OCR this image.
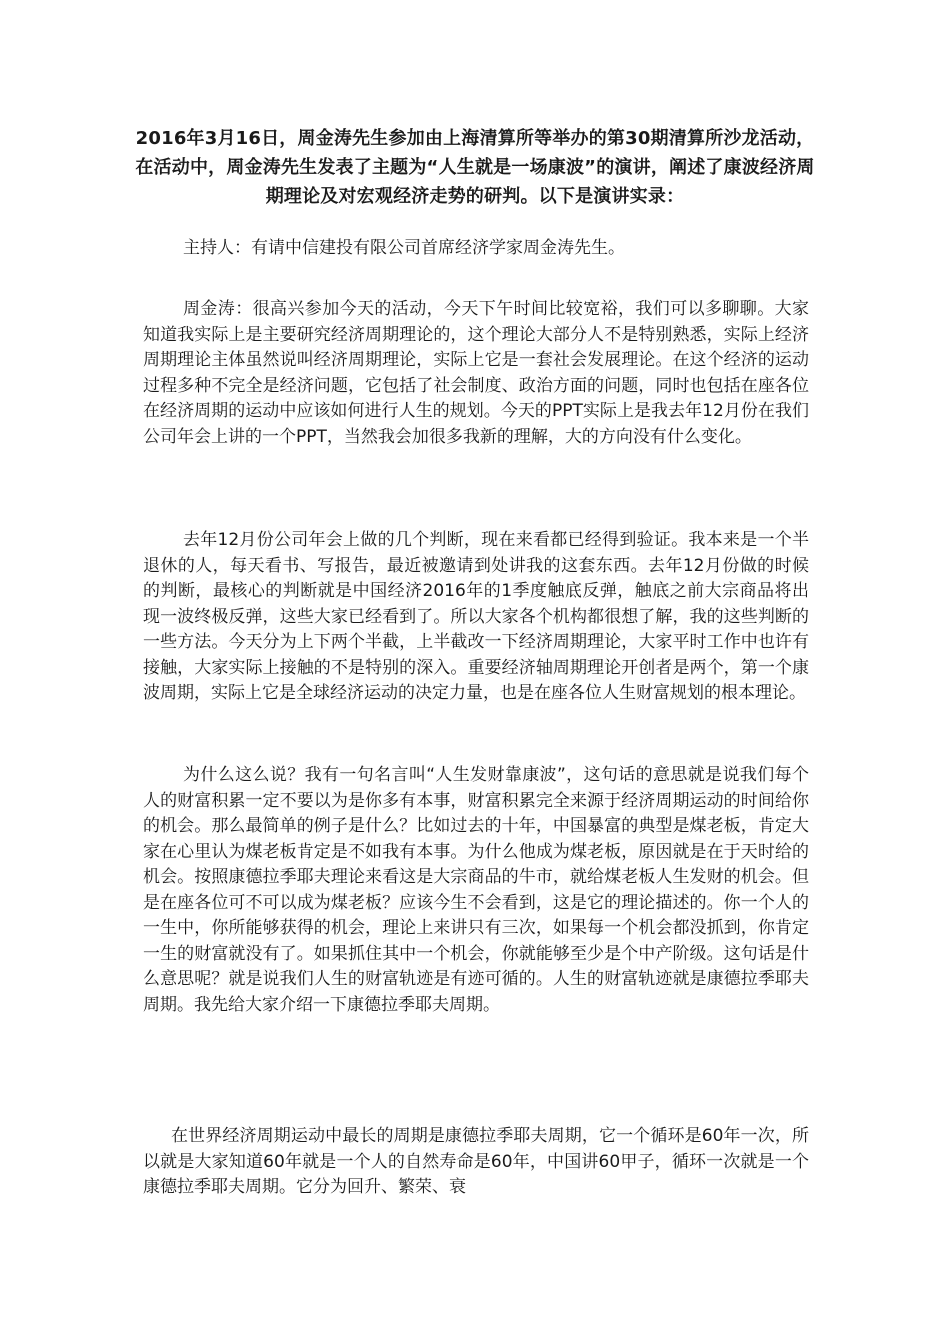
2016年3月16日，周金涛先生参加由上海清算所等举办的第30期清算所沙龙活动，在活动中，周金涛先生发表了主题为“人生就是一场康波”的演讲，阐述了康波经济周期理论及对宏观经济走势的研判。以下是演讲实录：

主持人：有请中信建投有限公司首席经济学家周金涛先生。

周金涛：很高兴参加今天的活动，今天下午时间比较宽裕，我们可以多聊聊。大家知道我实际上是主要研究经济周期理论的，这个理论大部分人不是特别熟悉，实际上经济周期理论主体虽然说叫经济周期理论，实际上它是一套社会发展理论。在这个经济的运动过程多种不完全是经济问题，它包括了社会制度、政治方面的问题，同时也包括在座各位在经济周期的运动中应该如何进行人生的规划。今天的PPT实际上是我去年12月份在我们公司年会上讲的一个PPT，当然我会加很多我新的理解，大的方向没有什么变化。

去年12月份公司年会上做的几个判断，现在来看都已经得到验证。我本来是一个半退休的人，每天看书、写报告，最近被邀请到处讲我的这套东西。去年12月份做的时候的判断，最核心的判断就是中国经济2016年的1季度触底反弹，触底之前大宗商品将出现一波终极反弹，这些大家已经看到了。所以大家各个机构都很想了解，我的这些判断的一些方法。今天分为上下两个半截，上半截改一下经济周期理论，大家平时工作中也许有接触，大家实际上接触的不是特别的深入。重要经济轴周期理论开创者是两个，第一个康波周期，实际上它是全球经济运动的决定力量，也是在座各位人生财富规划的根本理论。

为什么这么说？我有一句名言叫“人生发财靠康波”，这句话的意思就是说我们每个人的财富积累一定不要以为是你多有本事，财富积累完全来源于经济周期运动的时间给你的机会。那么最简单的例子是什么？比如过去的十年，中国暴富的典型是煤老板，肯定大家在心里认为煤老板肯定是不如我有本事。为什么他成为煤老板，原因就是在于天时给的机会。按照康德拉季耶夫理论来看这是大宗商品的牛市，就给煤老板人生发财的机会。但是在座各位可不可以成为煤老板？应该今生不会看到，这是它的理论描述的。你一个人的一生中，你所能够获得的机会，理论上来讲只有三次，如果每一个机会都没抓到，你肯定一生的财富就没有了。如果抓住其中一个机会，你就能够至少是个中产阶级。这句话是什么意思呢？就是说我们人生的财富轨迹是有迹可循的。人生的财富轨迹就是康德拉季耶夫周期。我先给大家介绍一下康德拉季耶夫周期。

在世界经济周期运动中最长的周期是康德拉季耶夫周期，它一个循环是60年一次，所以就是大家知道60年就是一个人的自然寿命是60年，中国讲60甲子，循环一次就是一个康德拉季耶夫周期。它分为回升、繁荣、衰
